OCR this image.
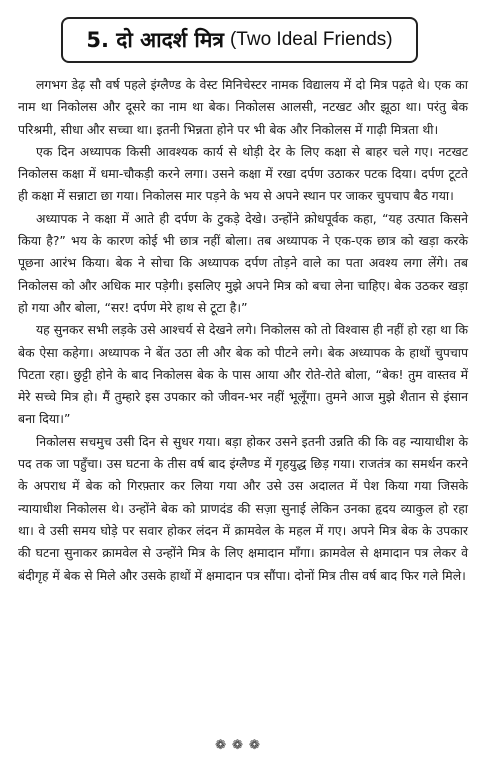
5. दो आदर्श मित्र (Two Ideal Friends)

लगभग डेढ़ सौ वर्ष पहले इंग्लैण्ड के वेस्ट मिनिचेस्टर नामक विद्यालय में दो मित्र पढ़ते थे। एक का नाम था निकोलस और दूसरे का नाम था बेक। निकोलस आलसी, नटखट और झूठा था। परंतु बेक परिश्रमी, सीधा और सच्चा था। इतनी भिन्नता होने पर भी बेक और निकोलस में गाढ़ी मित्रता थी।

एक दिन अध्यापक किसी आवश्यक कार्य से थोड़ी देर के लिए कक्षा से बाहर चले गए। नटखट निकोलस कक्षा में धमा-चौकड़ी करने लगा। उसने कक्षा में रखा दर्पण उठाकर पटक दिया। दर्पण टूटते ही कक्षा में सन्नाटा छा गया। निकोलस मार पड़ने के भय से अपने स्थान पर जाकर चुपचाप बैठ गया।

अध्यापक ने कक्षा में आते ही दर्पण के टुकड़े देखे। उन्होंने क्रोधपूर्वक कहा, “यह उत्पात किसने किया है?” भय के कारण कोई भी छात्र नहीं बोला। तब अध्यापक ने एक-एक छात्र को खड़ा करके पूछना आरंभ किया। बेक ने सोचा कि अध्यापक दर्पण तोड़ने वाले का पता अवश्य लगा लेंगे। तब निकोलस को और अधिक मार पड़ेगी। इसलिए मुझे अपने मित्र को बचा लेना चाहिए। बेक उठकर खड़ा हो गया और बोला, “सर! दर्पण मेरे हाथ से टूटा है।”

यह सुनकर सभी लड़के उसे आश्चर्य से देखने लगे। निकोलस को तो विश्वास ही नहीं हो रहा था कि बेक ऐसा कहेगा। अध्यापक ने बेंत उठा ली और बेक को पीटने लगे। बेक अध्यापक के हाथों चुपचाप पिटता रहा। छुट्टी होने के बाद निकोलस बेक के पास आया और रोते-रोते बोला, “बेक! तुम वास्तव में मेरे सच्चे मित्र हो। मैं तुम्हारे इस उपकार को जीवन-भर नहीं भूलूँगा। तुमने आज मुझे शैतान से इंसान बना दिया।”

निकोलस सचमुच उसी दिन से सुधर गया। बड़ा होकर उसने इतनी उन्नति की कि वह न्यायाधीश के पद तक जा पहुँचा। उस घटना के तीस वर्ष बाद इंग्लैण्ड में गृहयुद्ध छिड़ गया। राजतंत्र का समर्थन करने के अपराध में बेक को गिरफ़्तार कर लिया गया और उसे उस अदालत में पेश किया गया जिसके न्यायाधीश निकोलस थे। उन्होंने बेक को प्राणदंड की सज़ा सुनाई लेकिन उनका हृदय व्याकुल हो रहा था। वे उसी समय घोड़े पर सवार होकर लंदन में क्रामवेल के महल में गए। अपने मित्र बेक के उपकार की घटना सुनाकर क्रामवेल से उन्होंने मित्र के लिए क्षमादान माँगा। क्रामवेल से क्षमादान पत्र लेकर वे बंदीगृह में बेक से मिले और उसके हाथों में क्षमादान पत्र सौंपा। दोनों मित्र तीस वर्ष बाद फिर गले मिले।

❁❁❁
